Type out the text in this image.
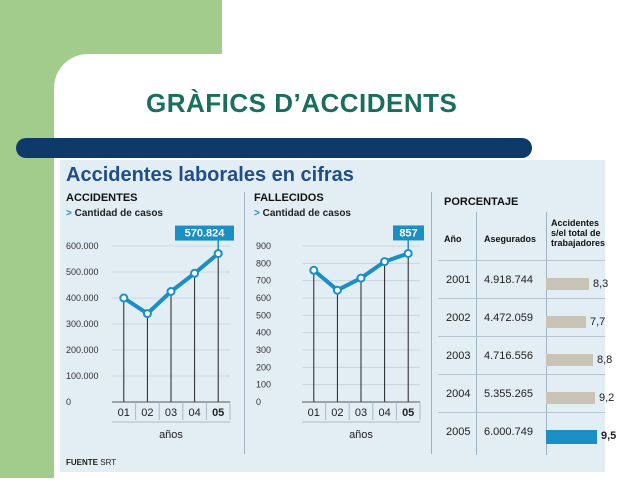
GRÀFICS D’ACCIDENTS
Accidentes laborales en cifras
ACCIDENTES
> Cantidad de casos
0
100.000
200.000
300.000
400.000
500.000
600.000
01 02 03 04 05
años
570.824
FALLECIDOS
> Cantidad de casos
0
100
200
300
400
500
600
700
800
900
01 02 03 04 05
años
857
PORCENTAJE
Año	Asegurados
Accidentes s/el total de trabajadores
2001 4.918.744	8,3
2002 4.472.059	7,7
2003 4.716.556	8,8
2004 5.355.265	9,2
2005 6.000.749	9,5
FUENTE SRT
